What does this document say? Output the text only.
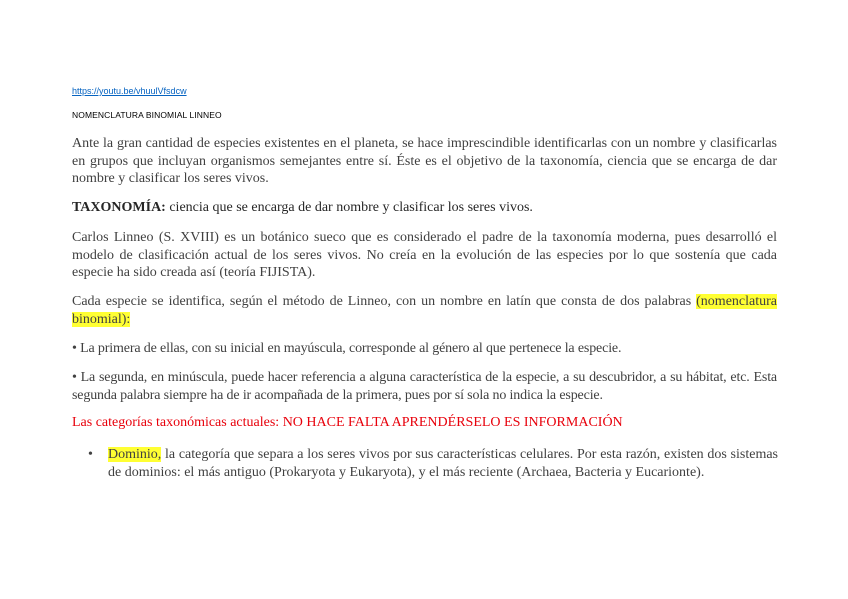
https://youtu.be/vhuulVfsdcw
NOMENCLATURA BINOMIAL LINNEO

Ante la gran cantidad de especies existentes en el planeta, se hace imprescindible identificarlas con un nombre y clasificarlas en grupos que incluyan organismos semejantes entre sí. Éste es el objetivo de la taxonomía, ciencia que se encarga de dar nombre y clasificar los seres vivos.

TAXONOMÍA: ciencia que se encarga de dar nombre y clasificar los seres vivos.

Carlos Linneo (S. XVIII) es un botánico sueco que es considerado el padre de la taxonomía moderna, pues desarrolló el modelo de clasificación actual de los seres vivos. No creía en la evolución de las especies por lo que sostenía que cada especie ha sido creada así (teoría FIJISTA).

Cada especie se identifica, según el método de Linneo, con un nombre en latín que consta de dos palabras (nomenclatura binomial):

• La primera de ellas, con su inicial en mayúscula, corresponde al género al que pertenece la especie.

• La segunda, en minúscula, puede hacer referencia a alguna característica de la especie, a su descubridor, a su hábitat, etc. Esta segunda palabra siempre ha de ir acompañada de la primera, pues por sí sola no indica la especie.

Las categorías taxonómicas actuales: NO HACE FALTA APRENDÉRSELO ES INFORMACIÓN

• Dominio, la categoría que separa a los seres vivos por sus características celulares. Por esta razón, existen dos sistemas de dominios: el más antiguo (Prokaryota y Eukaryota), y el más reciente (Archaea, Bacteria y Eucarionte).
